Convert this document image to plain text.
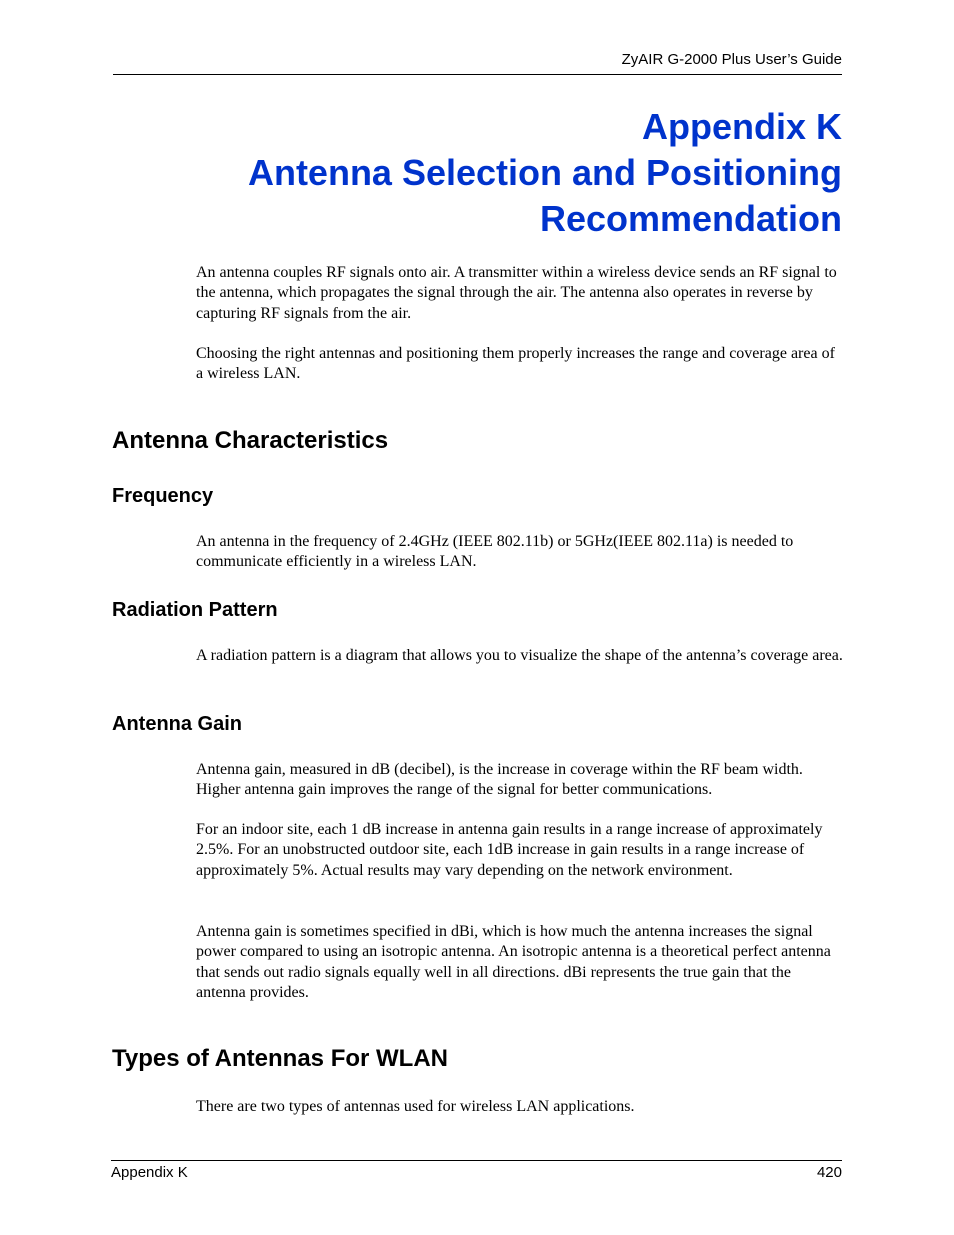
ZyAIR G-2000 Plus User’s Guide
Appendix K
Antenna Selection and Positioning
Recommendation

An antenna couples RF signals onto air. A transmitter within a wireless device sends an RF signal to the antenna, which propagates the signal through the air. The antenna also operates in reverse by capturing RF signals from the air.

Choosing the right antennas and positioning them properly increases the range and coverage area of a wireless LAN.

Antenna Characteristics
Frequency

An antenna in the frequency of 2.4GHz (IEEE 802.11b) or 5GHz(IEEE 802.11a) is needed to communicate efficiently in a wireless LAN.

Radiation Pattern

A radiation pattern is a diagram that allows you to visualize the shape of the antenna’s coverage area.

Antenna Gain

Antenna gain, measured in dB (decibel), is the increase in coverage within the RF beam width. Higher antenna gain improves the range of the signal for better communications.

For an indoor site, each 1 dB increase in antenna gain results in a range increase of approximately 2.5%. For an unobstructed outdoor site, each 1dB increase in gain results in a range increase of approximately 5%. Actual results may vary depending on the network environment.

Antenna gain is sometimes specified in dBi, which is how much the antenna increases the signal power compared to using an isotropic antenna. An isotropic antenna is a theoretical perfect antenna that sends out radio signals equally well in all directions. dBi represents the true gain that the antenna provides.

Types of Antennas For WLAN

There are two types of antennas used for wireless LAN applications.

Appendix K	420
